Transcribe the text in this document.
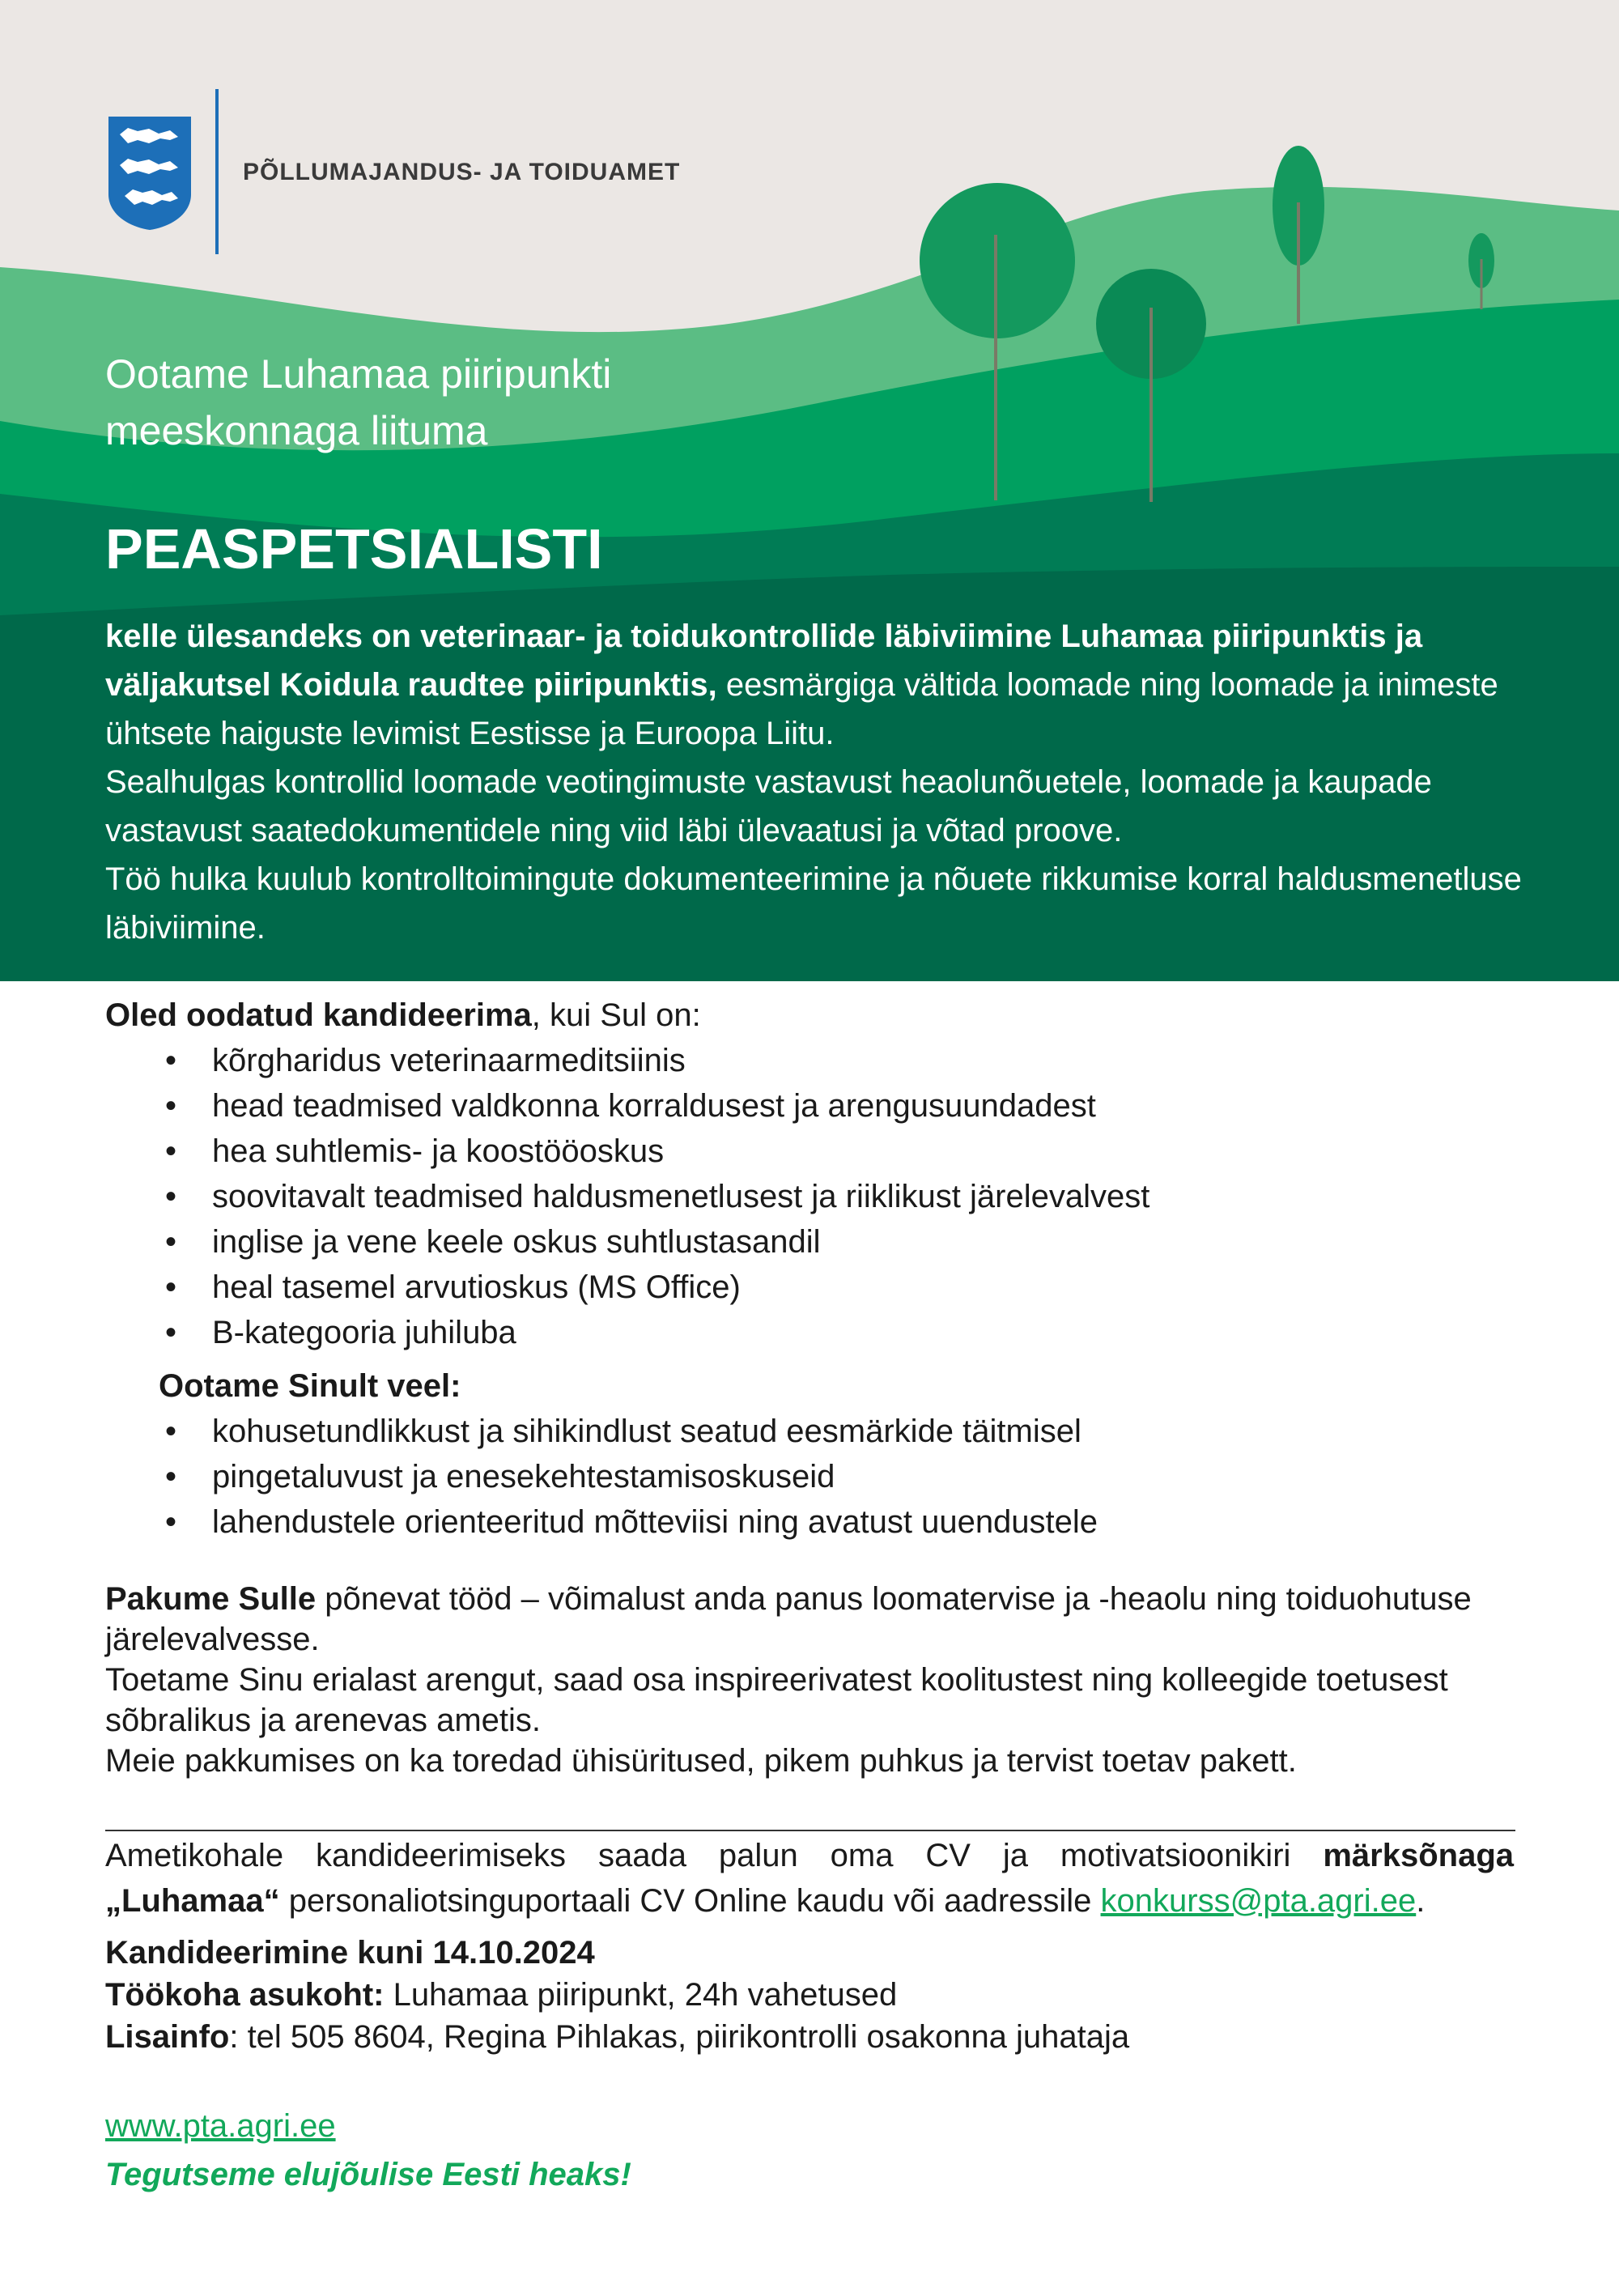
PÕLLUMAJANDUS- JA TOIDUAMET
Ootame Luhamaa piiripunkti
meeskonnaga liituma
PEASPETSIALISTI

kelle ülesandeks on veterinaar- ja toidukontrollide läbiviimine Luhamaa piiripunktis ja väljakutsel Koidula raudtee piiripunktis, eesmärgiga vältida loomade ning loomade ja inimeste ühtsete haiguste levimist Eestisse ja Euroopa Liitu.

Sealhulgas kontrollid loomade veotingimuste vastavust heaolunõuetele, loomade ja kaupade vastavust saatedokumentidele ning viid läbi ülevaatusi ja võtad proove.

Töö hulka kuulub kontrolltoimingute dokumenteerimine ja nõuete rikkumise korral haldusmenetluse läbiviimine.

Oled oodatud kandideerima, kui Sul on:

• kõrgharidus veterinaarmeditsiinis
• head teadmised valdkonna korraldusest ja arengusuundadest
• hea suhtlemis- ja koostööoskus
• soovitavalt teadmised haldusmenetlusest ja riiklikust järelevalvest
• inglise ja vene keele oskus suhtlustasandil
• heal tasemel arvutioskus (MS Office)
• B-kategooria juhiluba

Ootame Sinult veel:

• kohusetundlikkust ja sihikindlust seatud eesmärkide täitmisel
• pingetaluvust ja enesekehtestamisoskuseid
• lahendustele orienteeritud mõtteviisi ning avatust uuendustele

Pakume Sulle põnevat tööd – võimalust anda panus loomatervise ja -heaolu ning toiduohutuse järelevalvesse.

Toetame Sinu erialast arengut, saad osa inspireerivatest koolitustest ning kolleegide toetusest sõbralikus ja arenevas ametis.

Meie pakkumises on ka toredad ühisüritused, pikem puhkus ja tervist toetav pakett.

Ametikohale kandideerimiseks saada palun oma CV ja motivatsioonikiri märksõnaga

„Luhamaa“ personaliotsinguportaali CV Online kaudu või aadressile konkurss@pta.agri.ee.

Kandideerimine kuni 14.10.2024

Töökoha asukoht: Luhamaa piiripunkt, 24h vahetused

Lisainfo: tel 505 8604, Regina Pihlakas, piirikontrolli osakonna juhataja

www.pta.agri.ee

Tegutseme elujõulise Eesti heaks!
